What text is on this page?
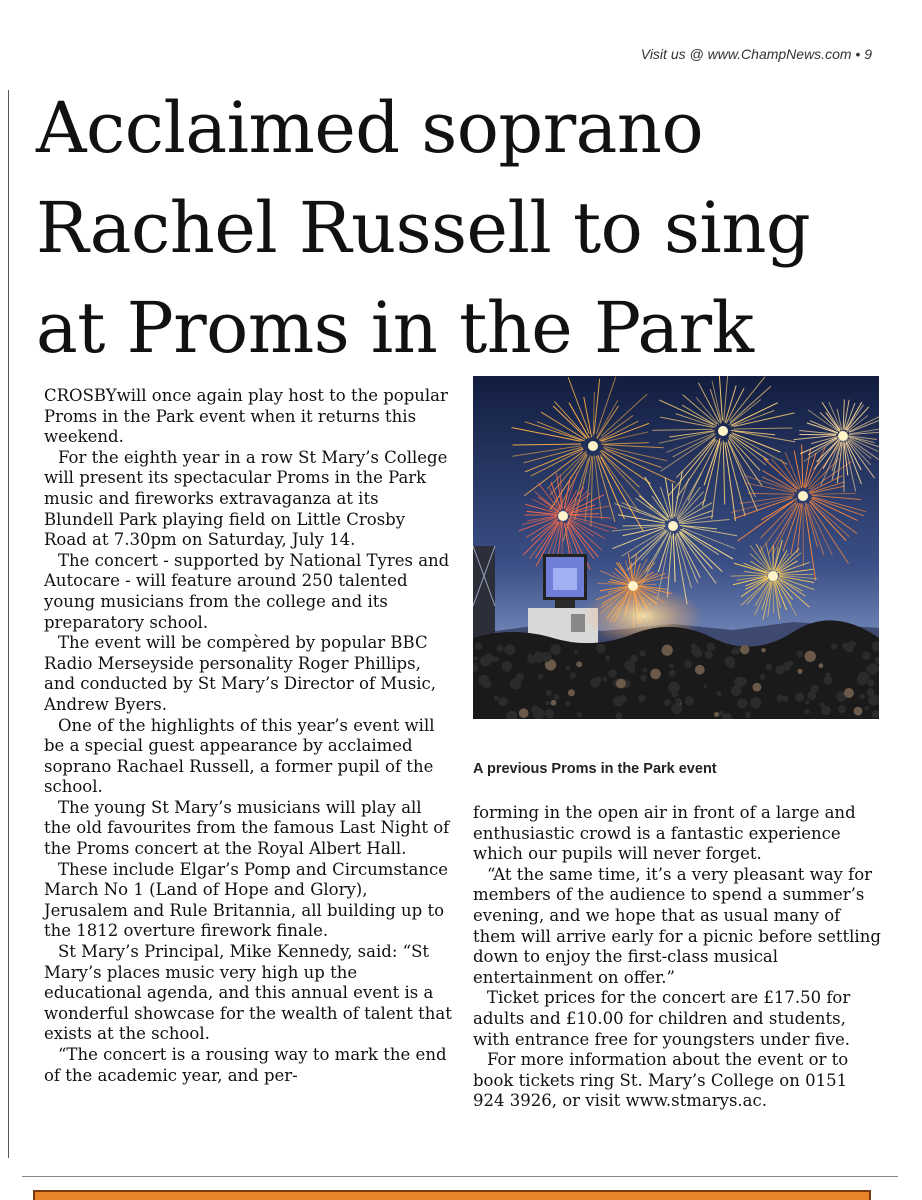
Visit us @ www.ChampNews.com • 9
Acclaimed soprano Rachel Russell to sing at Proms in the Park

CROSBYwill once again play host to the popular Proms in the Park event when it returns this weekend.

For the eighth year in a row St Mary’s College will present its spectacular Proms in the Park music and fireworks extravaganza at its Blundell Park playing field on Little Crosby Road at 7.30pm on Saturday, July 14.

The concert - supported by National Tyres and Autocare - will feature around 250 talented young musicians from the college and its preparatory school.

The event will be compèred by popular BBC Radio Merseyside personality Roger Phillips, and conducted by St Mary’s Director of Music, Andrew Byers.

One of the highlights of this year’s event will be a special guest appearance by acclaimed soprano Rachael Russell, a former pupil of the school.

The young St Mary’s musicians will play all the old favourites from the famous Last Night of the Proms concert at the Royal Albert Hall.

These include Elgar’s Pomp and Circumstance March No 1 (Land of Hope and Glory), Jerusalem and Rule Britannia, all building up to the 1812 overture firework finale.

St Mary’s Principal, Mike Kennedy, said: “St Mary’s places music very high up the educational agenda, and this annual event is a wonderful showcase for the wealth of talent that exists at the school.

“The concert is a rousing way to mark the end of the academic year, and per-

A previous Proms in the Park event

forming in the open air in front of a large and enthusiastic crowd is a fantastic experience which our pupils will never forget.

“At the same time, it’s a very pleasant way for members of the audience to spend a summer’s evening, and we hope that as usual many of them will arrive early for a picnic before settling down to enjoy the first-class musical entertainment on offer.”

Ticket prices for the concert are £17.50 for adults and £10.00 for children and students, with entrance free for youngsters under five.

For more information about the event or to book tickets ring St. Mary’s College on 0151 924 3926, or visit www.stmarys.ac.
